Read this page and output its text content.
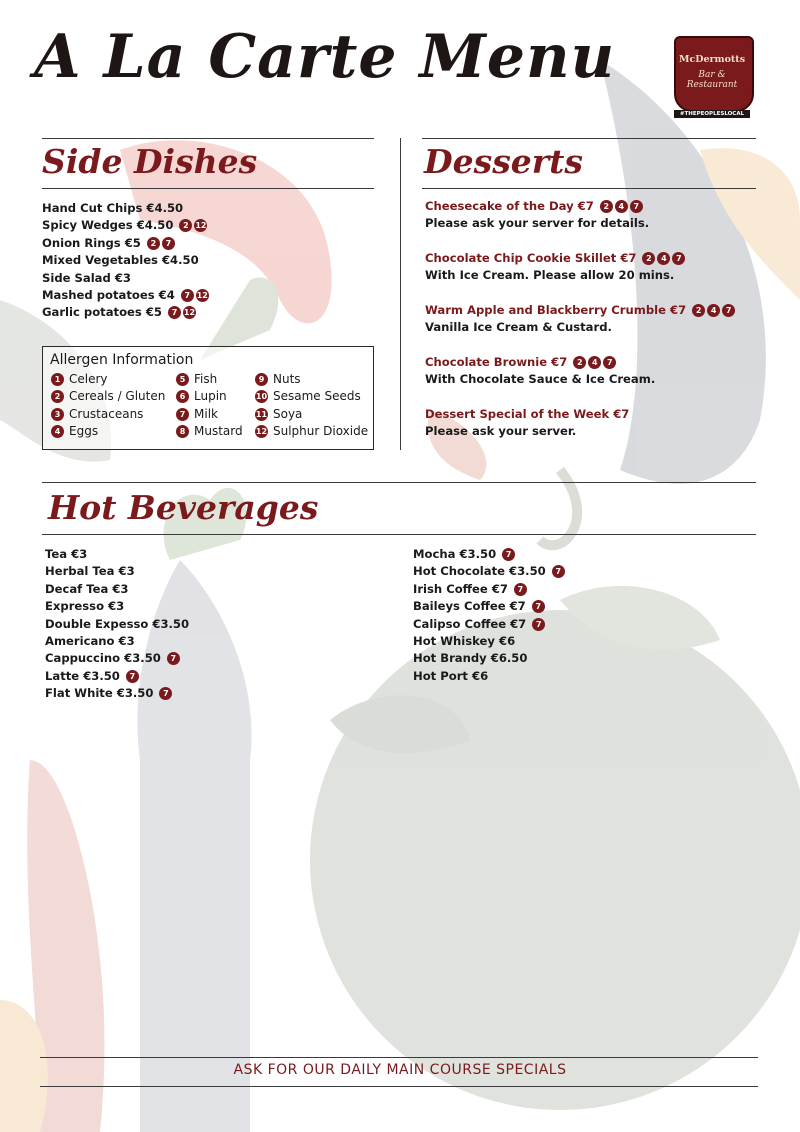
A La Carte Menu	McDermotts
Bar &
Restaurant
#THEPEOPLESLOCAL
Side Dishes
Hand Cut Chips €4.50
Spicy Wedges €4.50 2 12
Onion Rings €5 2 7
Mixed Vegetables €4.50
Side Salad €3
Mashed potatoes €4 7 12
Garlic potatoes €5 7 12
Allergen Information
1 Celery
2 Cereals / Gluten
3 Crustaceans
4 Eggs
5 Fish
6 Lupin
7 Milk
8 Mustard
9 Nuts
10 Sesame Seeds
11 Soya
12 Sulphur Dioxide
Desserts
Cheesecake of the Day €7 2 4 7
Please ask your server for details.
Chocolate Chip Cookie Skillet €7 2 4 7
With Ice Cream. Please allow 20 mins.
Warm Apple and Blackberry Crumble €7 2 4 7
Vanilla Ice Cream & Custard.
Chocolate Brownie €7 2 4 7
With Chocolate Sauce & Ice Cream.
Dessert Special of the Week €7
Please ask your server.
Hot Beverages
Tea €3
Herbal Tea €3
Decaf Tea €3
Expresso €3
Double Expesso €3.50
Americano €3
Cappuccino €3.50 7
Latte €3.50 7
Flat White €3.50 7
Mocha €3.50 7
Hot Chocolate €3.50 7
Irish Coffee €7 7
Baileys Coffee €7 7
Calipso Coffee €7 7
Hot Whiskey €6
Hot Brandy €6.50
Hot Port €6
ASK FOR OUR DAILY MAIN COURSE SPECIALS
